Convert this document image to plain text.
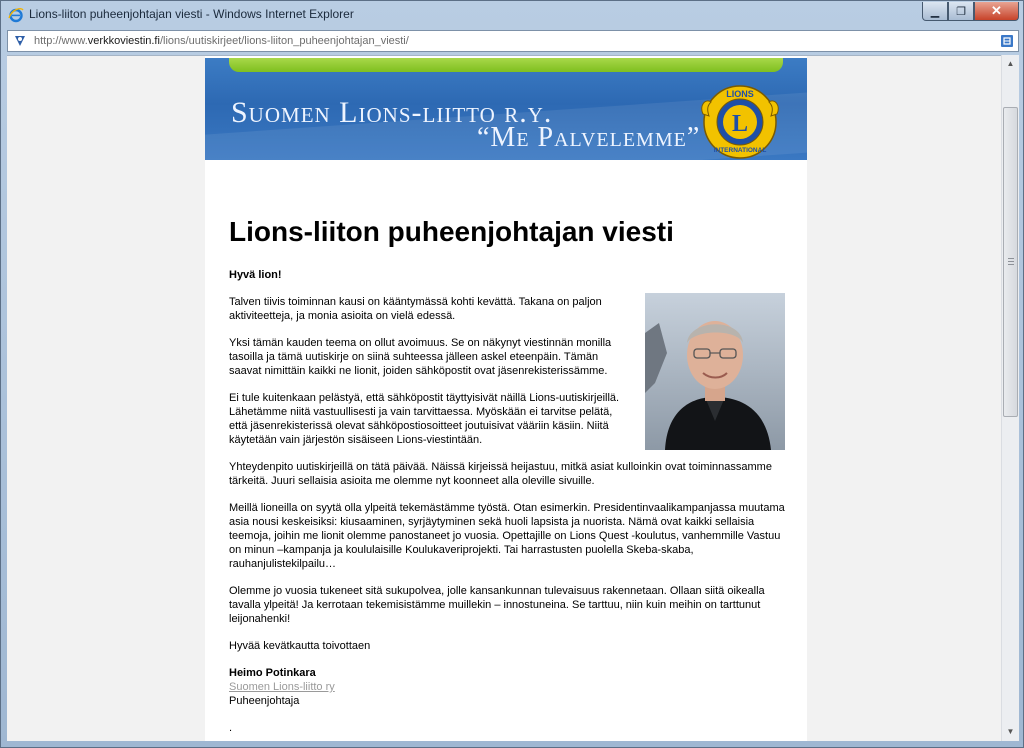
Lions-liiton puheenjohtajan viesti - Windows Internet Explorer	▁	❐	✕
http://www.verkkoviestin.fi/lions/uutiskirjeet/lions-liiton_puheenjohtajan_viesti/
Suomen Lions-liitto r.y.
“Me Palvelemme” L
LIONS
INTERNATIONAL
Lions-liiton puheenjohtajan viesti

Hyvä lion!

Talven tiivis toiminnan kausi on kääntymässä kohti kevättä. Takana on paljon aktiviteetteja, ja monia asioita on vielä edessä.

Yksi tämän kauden teema on ollut avoimuus. Se on näkynyt viestinnän monilla tasoilla ja tämä uutiskirje on siinä suhteessa jälleen askel eteenpäin. Tämän saavat nimittäin kaikki ne lionit, joiden sähköpostit ovat jäsenrekisterissämme.

Ei tule kuitenkaan pelästyä, että sähköpostit täyttyisivät näillä Lions-uutiskirjeillä. Lähetämme niitä vastuullisesti ja vain tarvittaessa. Myöskään ei tarvitse pelätä, että jäsenrekisterissä olevat sähköpostiosoitteet joutuisivat vääriin käsiin. Niitä käytetään vain järjestön sisäiseen Lions-viestintään.

Yhteydenpito uutiskirjeillä on tätä päivää. Näissä kirjeissä heijastuu, mitkä asiat kulloinkin ovat toiminnassamme tärkeitä. Juuri sellaisia asioita me olemme nyt koonneet alla oleville sivuille.

Meillä lioneilla on syytä olla ylpeitä tekemästämme työstä. Otan esimerkin. Presidentinvaalikampanjassa muutama asia nousi keskeisiksi: kiusaaminen, syrjäytyminen sekä huoli lapsista ja nuorista. Nämä ovat kaikki sellaisia teemoja, joihin me lionit olemme panostaneet jo vuosia. Opettajille on Lions Quest -koulutus, vanhemmille Vastuu on minun –kampanja ja koululaisille Koulukaveriprojekti. Tai harrastusten puolella Skeba-skaba, rauhanjulistekilpailu…

Olemme jo vuosia tukeneet sitä sukupolvea, jolle kansankunnan tulevaisuus rakennetaan. Ollaan siitä oikealla tavalla ylpeitä! Ja kerrotaan tekemisistämme muillekin – innostuneina. Se tarttuu, niin kuin meihin on tarttunut leijonahenki!

Hyvää kevätkautta toivottaen

Heimo Potinkara

Suomen Lions-liitto ry

Puheenjohtaja

.

▲
▼
